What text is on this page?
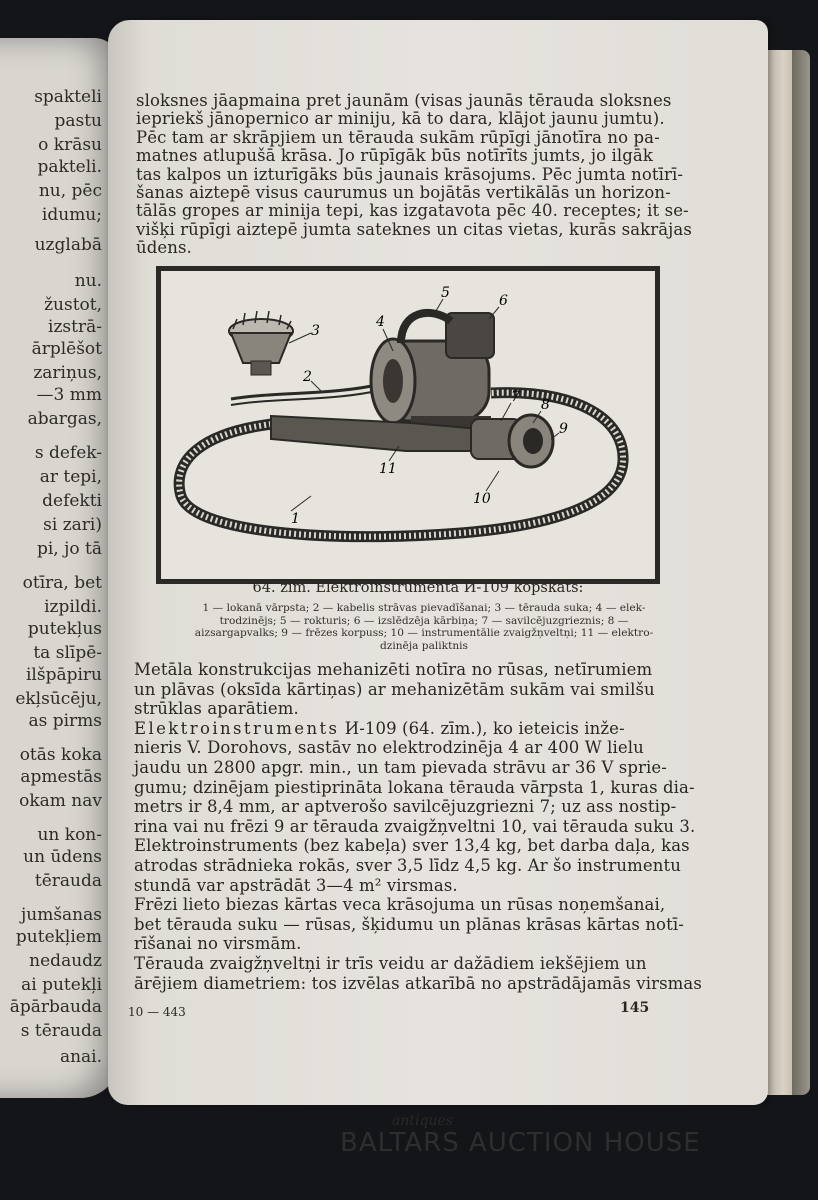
spakteli
pastu
o krāsu
pakteli.
nu, pēc
idumu;
uzglabā
nu.
žustot,
izstrā-
ārplēšot
zariņus,
—3 mm
abargas,
s defek-
ar tepi,
defekti
si zari)
pi, jo tā
otīra, bet
izpildi.
putekļus
ta slīpē-
ilšpāpiru
ekļsūcēju,
as pirms
otās koka
apmestās
okam nav
un kon-
un ūdens
tērauda
jumšanas
putekļiem
nedaudz
ai putekļi
āpārbauda
s tērauda
anai.
sloksnes jāapmaina pret jaunām (visas jaunās tērauda sloksnes
iepriekš jānopernico ar miniju, kā to dara, klājot jaunu jumtu).
Pēc tam ar skrāpjiem un tērauda sukām rūpīgi jānotīra no pa-
matnes atlupušā krāsa. Jo rūpīgāk būs notīrīts jumts, jo ilgāk
tas kalpos un izturīgāks būs jaunais krāsojums. Pēc jumta notīrī-
šanas aiztepē visus caurumus un bojātās vertikālās un horizon-
tālās gropes ar minija tepi, kas izgatavota pēc 40. receptes; it se-
višķi rūpīgi aiztepē jumta sateknes un citas vietas, kurās sakrājas
ūdens.
1
2
3
4
5	6
7 8
9
10
11
64. zīm. Elektroinstrumenta И-109 kopskats:
1 — lokanā vārpsta; 2 — kabelis strāvas pievadīšanai; 3 — tērauda suka; 4 — elek-
trodzinējs; 5 — rokturis; 6 — izslēdzēja kārbiņa; 7 — savilcējuzgrieznis; 8 —
aizsargapvalks; 9 — frēzes korpuss; 10 — instrumentālie zvaigžņveltņi; 11 — elektro-
dzinēja paliktnis
Metāla konstrukcijas mehanizēti notīra no rūsas, netīrumiem
un plāvas (oksīda kārtiņas) ar mehanizētām sukām vai smilšu
strūklas aparātiem.
Elektroinstruments И-109 (64. zīm.), ko ieteicis inže-
nieris V. Dorohovs, sastāv no elektrodzinēja 4 ar 400 W lielu
jaudu un 2800 apgr. min., un tam pievada strāvu ar 36 V sprie-
gumu; dzinējam piestiprināta lokana tērauda vārpsta 1, kuras dia-
metrs ir 8,4 mm, ar aptverošo savilcējuzgriezni 7; uz ass nostip-
rina vai nu frēzi 9 ar tērauda zvaigžņveltni 10, vai tērauda suku 3.
Elektroinstruments (bez kabeļa) sver 13,4 kg, bet darba daļa, kas
atrodas strādnieka rokās, sver 3,5 līdz 4,5 kg. Ar šo instrumentu
stundā var apstrādāt 3—4 m² virsmas.
Frēzi lieto biezas kārtas veca krāsojuma un rūsas noņemšanai,
bet tērauda suku — rūsas, šķidumu un plānas krāsas kārtas notī-
rīšanai no virsmām.
Tērauda zvaigžņveltņi ir trīs veidu ar dažādiem iekšējiem un
ārējiem diametriem: tos izvēlas atkarībā no apstrādājamās virsmas
10 — 443	145
antiques
BALTARS AUCTION HOUSE
